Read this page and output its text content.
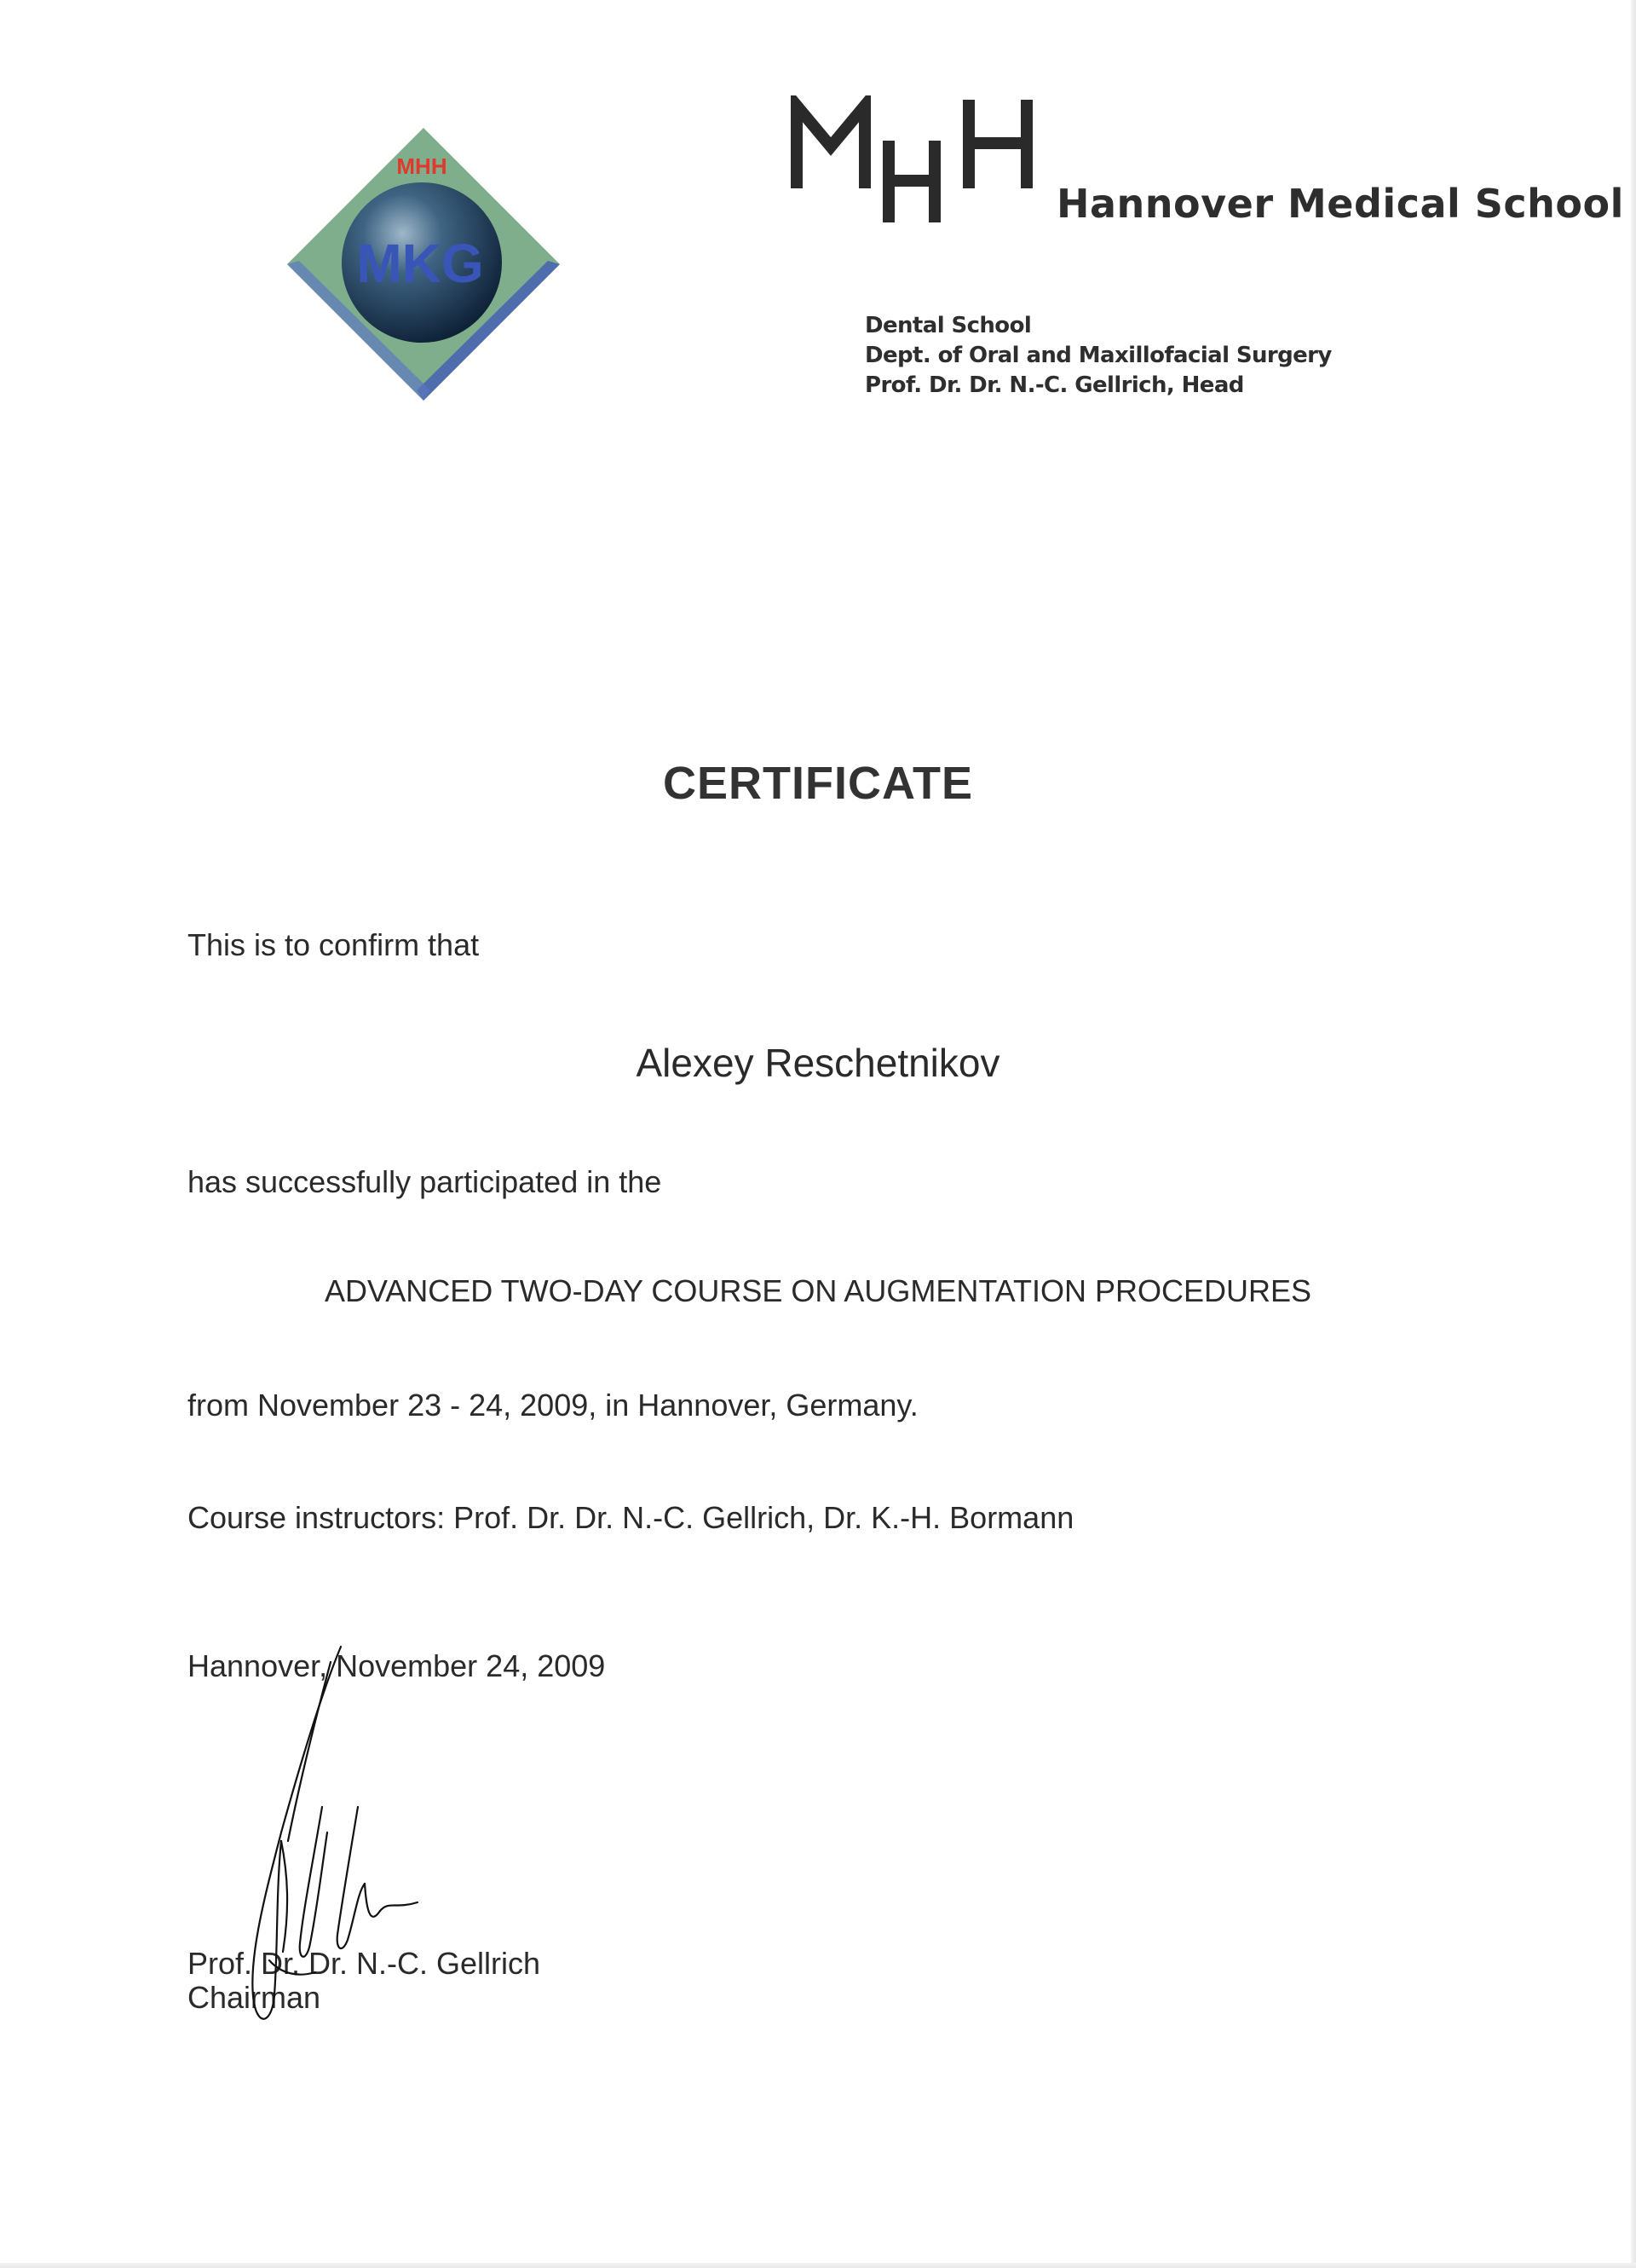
MHH
MKG
Hannover Medical School
Dental School
Dept. of Oral and Maxillofacial Surgery
Prof. Dr. Dr. N.-C. Gellrich, Head
CERTIFICATE
This is to confirm that
Alexey Reschetnikov
has successfully participated in the
ADVANCED TWO-DAY COURSE ON AUGMENTATION PROCEDURES
from November 23 - 24, 2009, in Hannover, Germany.
Course instructors: Prof. Dr. Dr. N.-C. Gellrich, Dr. K.-H. Bormann
Hannover, November 24, 2009
Prof. Dr. Dr. N.-C. Gellrich
Chairman
